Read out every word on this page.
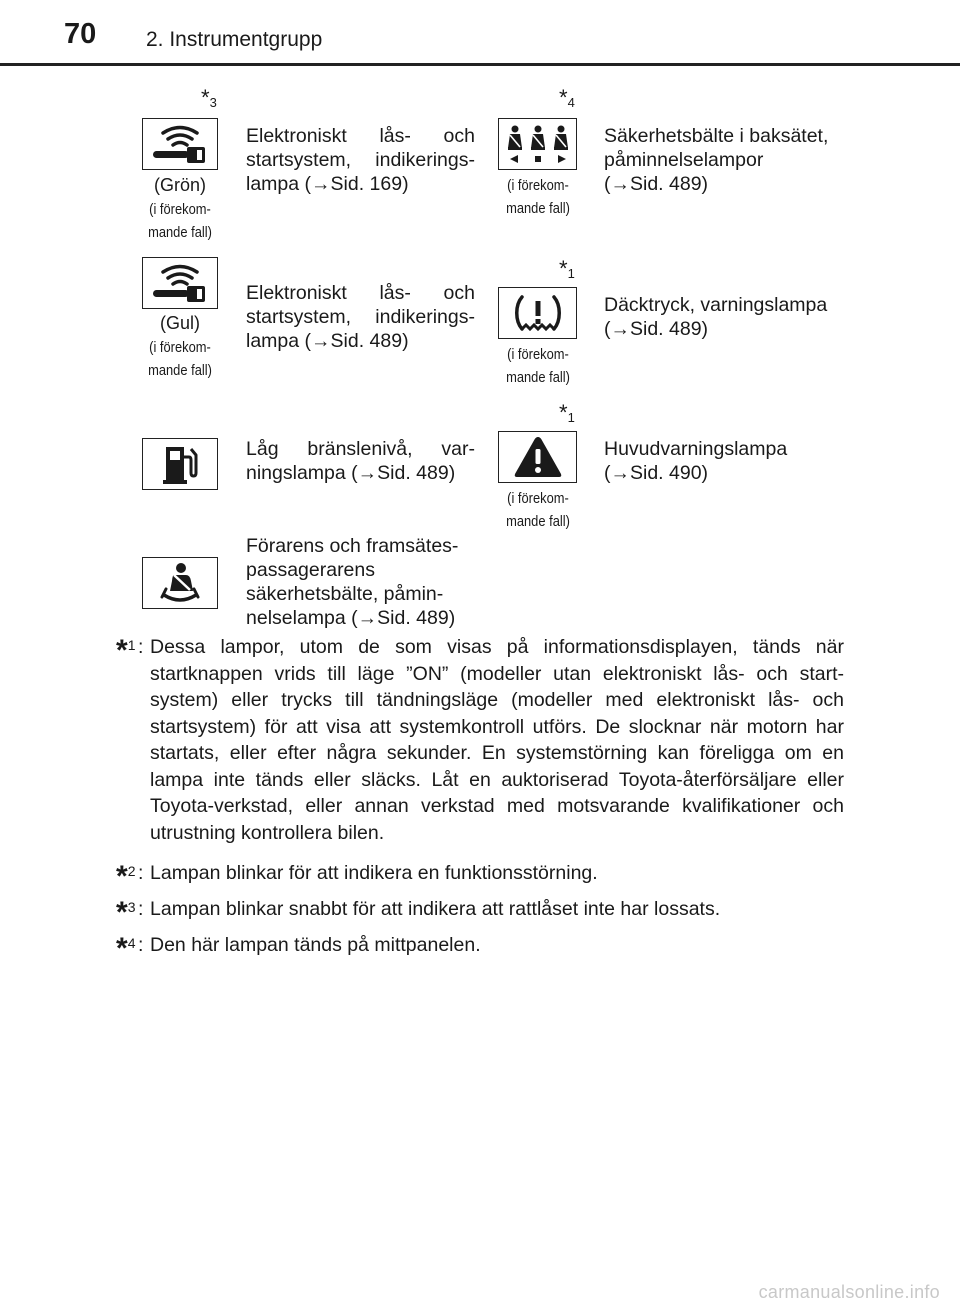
70 2. Instrumentgrupp
$*_3$
(Grön)
(i förekom-
mande fall)
Elektroniskt lås- och startsystem, indikerings-lampa (→Sid. 169)
$*_4$
(i förekom-
mande fall)
Säkerhetsbälte i baksätet, påminnelselampor (→Sid. 489)
(Gul)
(i förekom-
mande fall)
Elektroniskt lås- och startsystem, indikerings-lampa (→Sid. 489)
$*_1$
(i förekom-
mande fall)
Däcktryck, varningslampa (→Sid. 489)
Låg bränslenivå, var-ningslampa (→Sid. 489)
$*_1$
(i förekom-
mande fall)
Huvudvarningslampa (→Sid. 490)
Förarens och framsätes-passagerarens säkerhetsbälte, påmin-nelselampa (→Sid. 489)
$*_1$ : Dessa lampor, utom de som visas på informationsdisplayen, tänds när startknappen vrids till läge ”ON” (modeller utan elektroniskt lås- och start-system) eller trycks till tändningsläge (modeller med elektroniskt lås- och startsystem) för att visa att systemkontroll utförs. De slocknar när motorn har startats, eller efter några sekunder. En systemstörning kan föreligga om en lampa inte tänds eller släcks. Låt en auktoriserad Toyota-återförsäljare eller Toyota-verkstad, eller annan verkstad med motsvarande kvalifikationer och utrustning kontrollera bilen.
$*_2$ : Lampan blinkar för att indikera en funktionsstörning.
$*_3$ : Lampan blinkar snabbt för att indikera att rattlåset inte har lossats.
$*_4$ : Den här lampan tänds på mittpanelen.
carmanualsonline.info
